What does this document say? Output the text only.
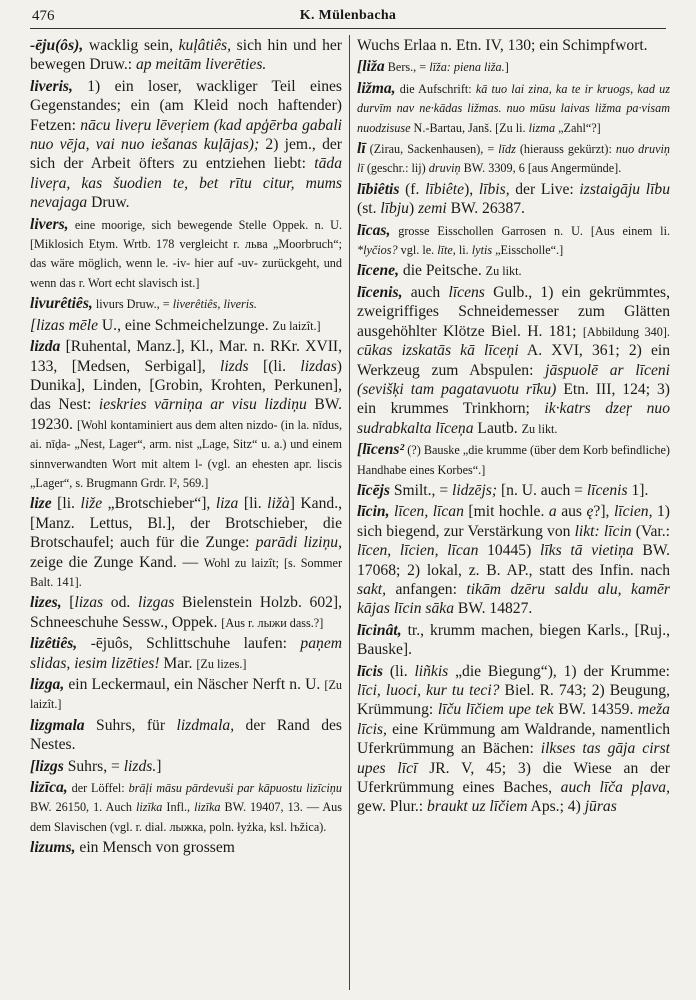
476	K. Mülenbacha
-ēju(ôs), wacklig sein, kuļâtiês, sich hin und her bewegen Druw.: ap meitām liverēties.
liveris, 1) ein loser, wackliger Teil eines Gegenstandes; ein (am Kleid noch haftender) Fetzen: nācu liveŗu lēveŗiem (kad apģērba gabali nuo vēja, vai nuo iešanas kuļājas); 2) jem., der sich der Arbeit öfters zu entziehen liebt: tāda liveŗa, kas šuodien te, bet rītu citur, mums nevajaga Druw.
livers, eine moorige, sich bewegende Stelle Oppek. n. U. [Miklosich Etym. Wrtb. 178 vergleicht r. львa „Moorbruch“; das wäre möglich, wenn le. -iv- hier auf -uv- zurückgeht, und wenn das r. Wort echt slavisch ist.]
livurêtiês, livurs Druw., = liverêtiês, liveris.
[lizas mēle U., eine Schmeichelzunge. Zu laizît.]
lizda [Ruhental, Manz.], Kl., Mar. n. RKr. XVII, 133, [Medsen, Serbigal], lizds [(li. lizdas) Dunika], Linden, [Grobin, Krohten, Perkunen], das Nest: ieskries vārniņa ar visu lizdiņu BW. 19230. [Wohl kontaminiert aus dem alten nizdo- (in la. nīdus, ai. nīḍa- „Nest, Lager“, arm. nist „Lage, Sitz“ u. a.) und einem sinnverwandten Wort mit altem l- (vgl. an ehesten apr. liscis „Lager“, s. Brugmann Grdr. I², 569.]
lize [li. liže „Brotschieber“], liza [li. ližà] Kand., [Manz. Lettus, Bl.], der Brotschieber, die Brotschaufel; auch für die Zunge: parādi liziņu, zeige die Zunge Kand. — Wohl zu laizît; [s. Sommer Balt. 141].
lizes, [lizas od. lizgas Bielenstein Holzb. 602], Schneeschuhe Sessw., Oppek. [Aus r. лыжи dass.?]
lizêtiês, -ējuôs, Schlittschuhe laufen: paņem slidas, iesim lizēties! Mar. [Zu lizes.]
lizga, ein Leckermaul, ein Näscher Nerft n. U. [Zu laizît.]
lizgmala Suhrs, für lizdmala, der Rand des Nestes.
[lizgs Suhrs, = lizds.]
lizīca, der Löffel: brāļi māsu pārdevuši par kāpuostu lizīciņu BW. 26150, 1. Auch lizīka Infl., lizīka BW. 19407, 13. — Aus dem Slavischen (vgl. r. dial. лыжка, poln. łyżka, ksl. lъžica).
lizums, ein Mensch von grossem
Wuchs Erlaa n. Etn. IV, 130; ein Schimpfwort.
[liža Bers., = līža: piena liža.]
ližma, die Aufschrift: kā tuo lai zina, ka te ir kruogs, kad uz durvīm nav ne·kādas ližmas. nuo mūsu laivas ližma pa·visam nuodzisuse N.-Bartau, Janš. [Zu li. lizma „Zahl“?]
lī (Zirau, Sackenhausen), = līdz (hierauss gekürzt): nuo druviņ lī (geschr.: lij) druviņ BW. 3309, 6 [aus Angermünde].
lībiêtis (f. lībiête), lībis, der Live: izstaigāju lību (st. lībju) zemi BW. 26387.
līcas, grosse Eisschollen Garrosen n. U. [Aus einem li. *lyčios? vgl. le. līte, li. lytis „Eisscholle“.]
līcene, die Peitsche. Zu likt.
līcenis, auch līcens Gulb., 1) ein gekrümmtes, zweigriffiges Schneidemesser zum Glätten ausgehöhlter Klötze Biel. H. 181; [Abbildung 340]. cūkas izskatās kā līceņi A. XVI, 361; 2) ein Werkzeug zum Abspulen: jāspuolē ar līceni (sevišķi tam pagatavuotu rīku) Etn. III, 124; 3) ein krummes Trinkhorn; ik·katrs dzeŗ nuo sudrabkalta līceņa Lautb. Zu likt.
[līcens² (?) Bauske „die krumme (über dem Korb befindliche) Handhabe eines Korbes“.]
līcējs Smilt., = lidzējs; [n. U. auch = līcenis 1].
līcin, līcen, līcan [mit hochle. a aus ę?], līcien, 1) sich biegend, zur Verstärkung von likt: līcin (Var.: līcen, līcien, līcan 10445) līks tā vietiņa BW. 17068; 2) lokal, z. B. AP., statt des Infin. nach sakt, anfangen: tikām dzēru saldu alu, kamēr kājas līcin sāka BW. 14827.
līcinât, tr., krumm machen, biegen Karls., [Ruj., Bauske].
līcis (li. liñkis „die Biegung“), 1) der Krumme: līci, luoci, kur tu teci? Biel. R. 743; 2) Beugung, Krümmung: līču līčiem upe tek BW. 14359. meža līcis, eine Krümmung am Waldrande, namentlich Uferkrümmung an Bächen: ilkses tas gāja cirst upes līcī JR. V, 45; 3) die Wiese an der Uferkrümmung eines Baches, auch līča pļava, gew. Plur.: braukt uz līčiem Aps.; 4) jūras
